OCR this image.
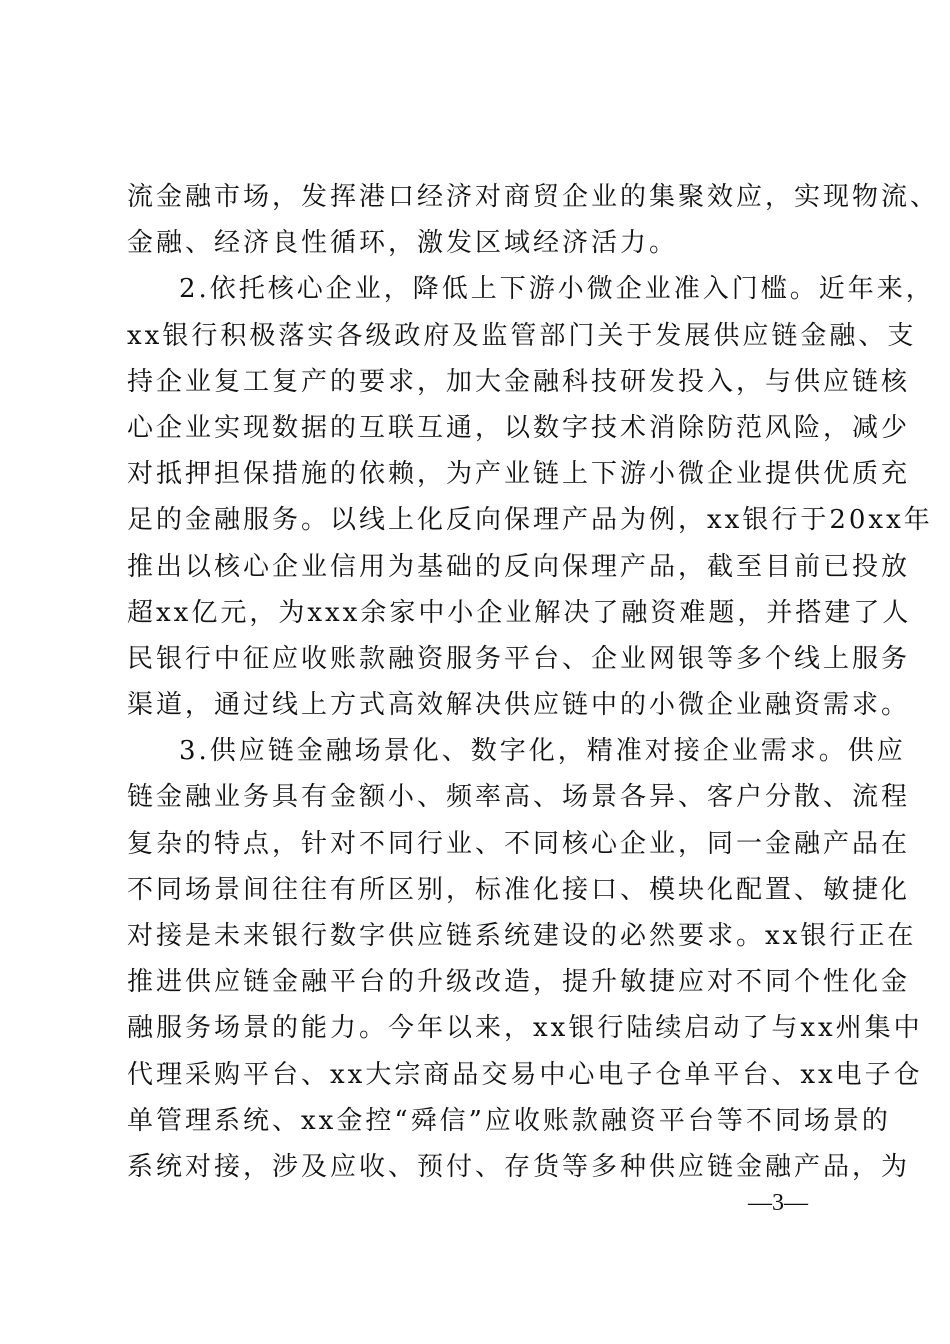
流金融市场，发挥港口经济对商贸企业的集聚效应，实现物流、
金融、经济良性循环，激发区域经济活力。
2.依托核心企业，降低上下游小微企业准入门槛。近年来，
xx银行积极落实各级政府及监管部门关于发展供应链金融、支
持企业复工复产的要求，加大金融科技研发投入，与供应链核
心企业实现数据的互联互通，以数字技术消除防范风险，减少
对抵押担保措施的依赖，为产业链上下游小微企业提供优质充
足的金融服务。以线上化反向保理产品为例，xx银行于20xx年
推出以核心企业信用为基础的反向保理产品，截至目前已投放
超xx亿元，为xxx余家中小企业解决了融资难题，并搭建了人
民银行中征应收账款融资服务平台、企业网银等多个线上服务
渠道，通过线上方式高效解决供应链中的小微企业融资需求。
3.供应链金融场景化、数字化，精准对接企业需求。供应
链金融业务具有金额小、频率高、场景各异、客户分散、流程
复杂的特点，针对不同行业、不同核心企业，同一金融产品在
不同场景间往往有所区别，标准化接口、模块化配置、敏捷化
对接是未来银行数字供应链系统建设的必然要求。xx银行正在
推进供应链金融平台的升级改造，提升敏捷应对不同个性化金
融服务场景的能力。今年以来，xx银行陆续启动了与xx州集中
代理采购平台、xx大宗商品交易中心电子仓单平台、xx电子仓
单管理系统、xx金控“舜信”应收账款融资平台等不同场景的
系统对接，涉及应收、预付、存货等多种供应链金融产品，为
—3—
